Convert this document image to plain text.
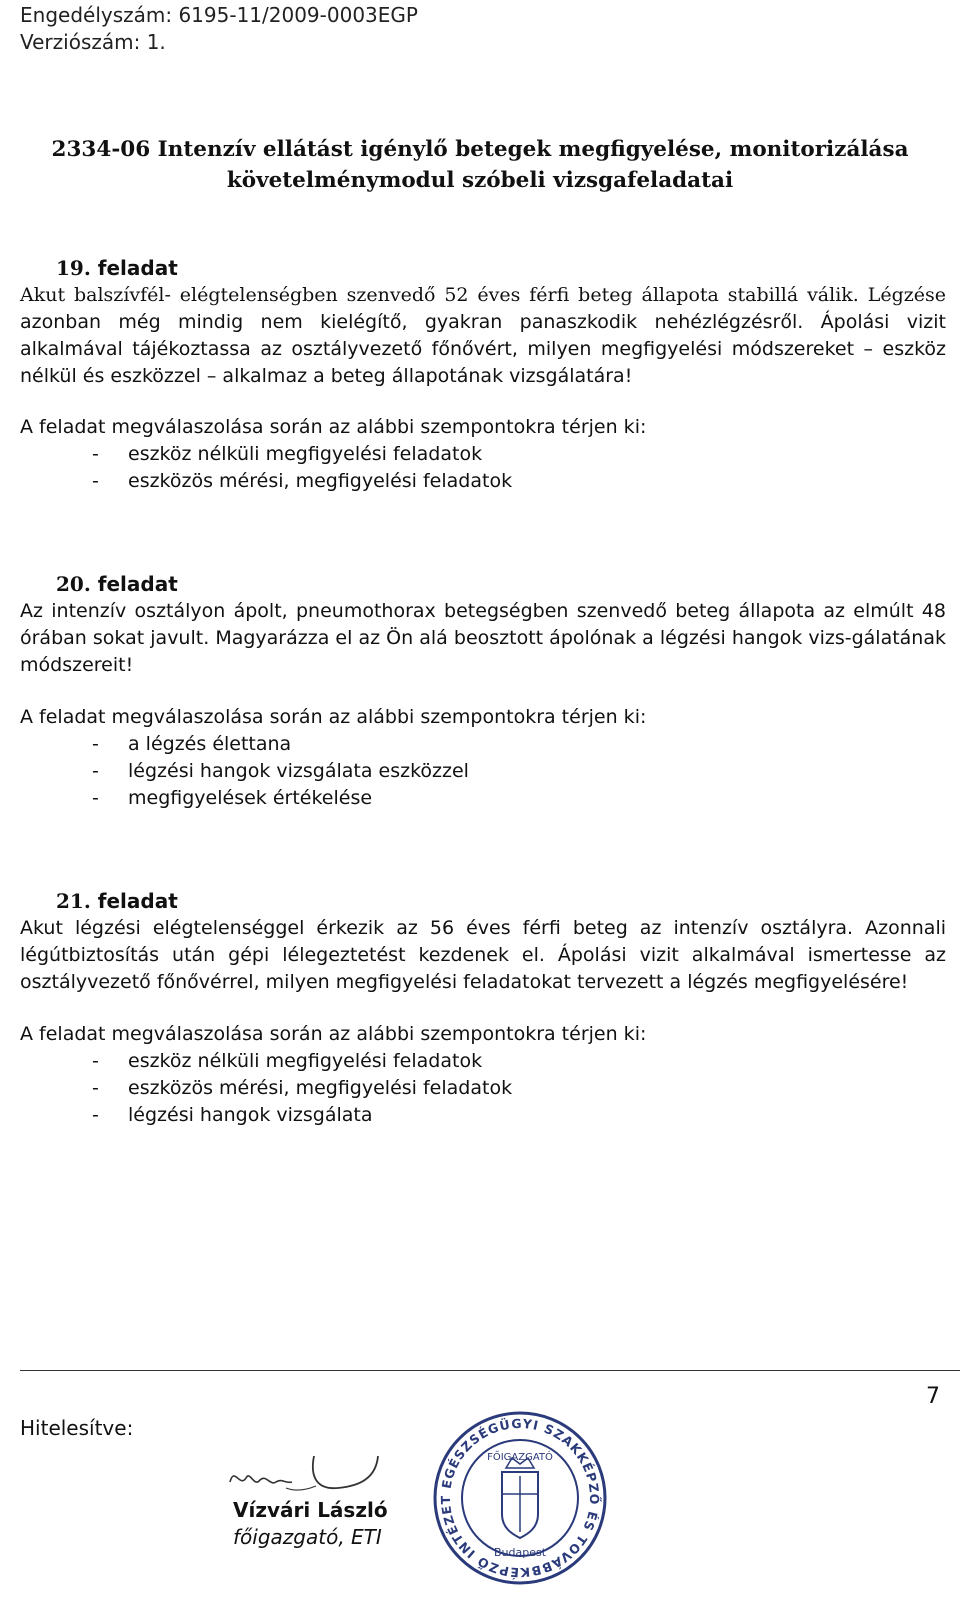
Engedélyszám: 6195-11/2009-0003EGP
Verziószám: 1.
2334-06 Intenzív ellátást igénylő betegek megfigyelése, monitorizálása
követelménymodul szóbeli vizsgafeladatai
19. feladat
Akut balszívfél- elégtelenségben szenvedő 52 éves férfi beteg állapota stabillá válik. Légzése azonban még mindig nem kielégítő, gyakran panaszkodik nehézlégzésről. Ápolási vizit alkalmával tájékoztassa az osztályvezető főnővért, milyen megfigyelési módszereket – eszköz nélkül és eszközzel – alkalmaz a beteg állapotának vizsgálatára!
A feladat megválaszolása során az alábbi szempontokra térjen ki:
- eszköz nélküli megfigyelési feladatok
- eszközös mérési, megfigyelési feladatok
20. feladat
Az intenzív osztályon ápolt, pneumothorax betegségben szenvedő beteg állapota az elmúlt 48 órában sokat javult. Magyarázza el az Ön alá beosztott ápolónak a légzési hangok vizs-gálatának módszereit!
A feladat megválaszolása során az alábbi szempontokra térjen ki:
- a légzés élettana
- légzési hangok vizsgálata eszközzel
- megfigyelések értékelése
21. feladat
Akut légzési elégtelenséggel érkezik az 56 éves férfi beteg az intenzív osztályra. Azonnali légútbiztosítás után gépi lélegeztetést kezdenek el. Ápolási vizit alkalmával ismertesse az osztályvezető főnővérrel, milyen megfigyelési feladatokat tervezett a légzés megfigyelésére!
A feladat megválaszolása során az alábbi szempontokra térjen ki:
- eszköz nélküli megfigyelési feladatok
- eszközös mérési, megfigyelési feladatok
- légzési hangok vizsgálata
7
Hitelesítve:
Vízvári László
főigazgató, ETI
EGÉSZSÉGÜGYI SZAKKÉPZŐ ÉS TOVÁBBKÉPZŐ INTÉZET
FŐIGAZGATÓ
Budapest
